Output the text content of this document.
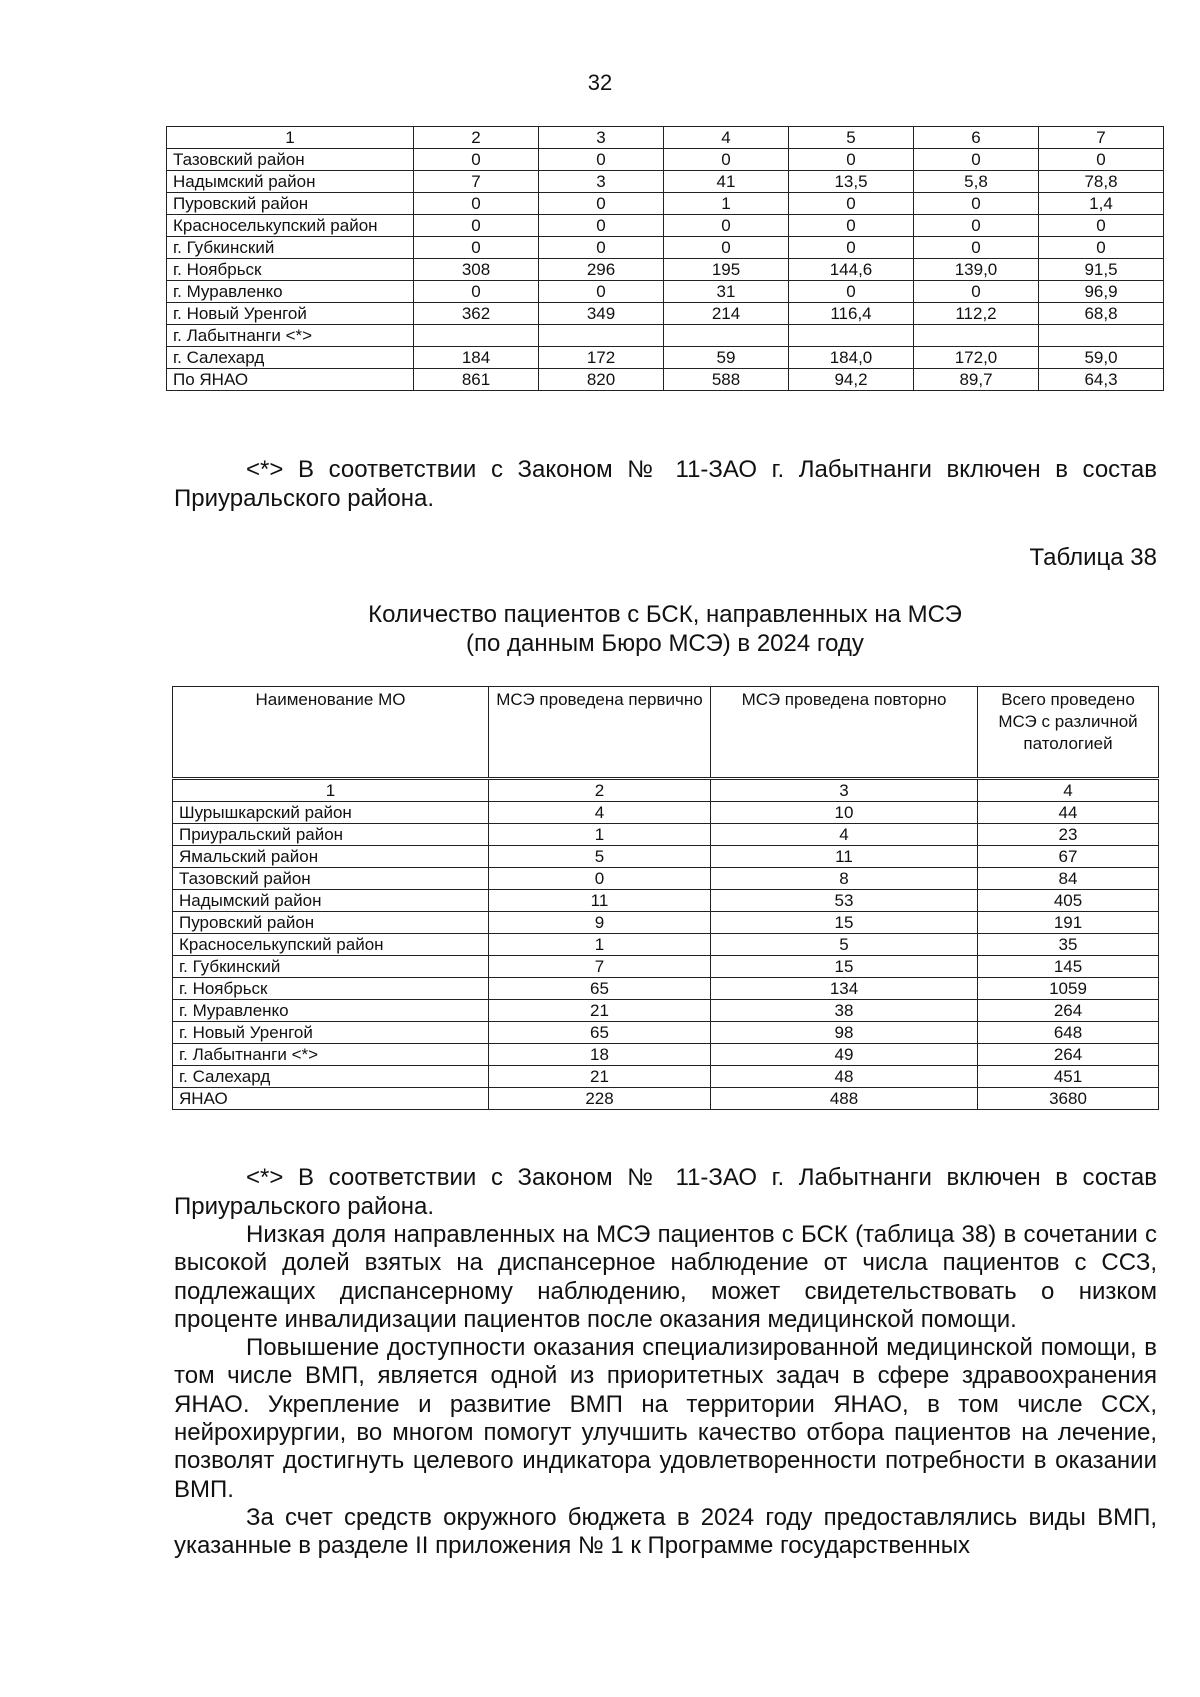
32
1	2	3	4	5	6	7
Тазовский район	0	0	0	0	0	0
Надымский район	7	3	41	13,5	5,8	78,8
Пуровский район	0	0	1	0	0	1,4
Красноселькупский район	0	0	0	0	0	0
г. Губкинский	0	0	0	0	0	0
г. Ноябрьск	308	296	195	144,6	139,0	91,5
г. Муравленко	0	0	31	0	0	96,9
г. Новый Уренгой	362	349	214	116,4	112,2	68,8
г. Лабытнанги <*>						
г. Салехард	184	172	59	184,0	172,0	59,0
По ЯНАО	861	820	588	94,2	89,7	64,3
<*> В соответствии с Законом № 11-ЗАО г. Лабытнанги включен в состав Приуральского района.
Таблица 38
Количество пациентов с БСК, направленных на МСЭ
(по данным Бюро МСЭ) в 2024 году
Наименование МО	МСЭ проведена первично	МСЭ проведена повторно	Всего проведено МСЭ с различной патологией
1	2	3	4
Шурышкарский район	4	10	44
Приуральский район	1	4	23
Ямальский район	5	11	67
Тазовский район	0	8	84
Надымский район	11	53	405
Пуровский район	9	15	191
Красноселькупский район	1	5	35
г. Губкинский	7	15	145
г. Ноябрьск	65	134	1059
г. Муравленко	21	38	264
г. Новый Уренгой	65	98	648
г. Лабытнанги <*>	18	49	264
г. Салехард	21	48	451
ЯНАО	228	488	3680
<*> В соответствии с Законом № 11-ЗАО г. Лабытнанги включен в состав Приуральского района.

Низкая доля направленных на МСЭ пациентов с БСК (таблица 38) в сочетании с высокой долей взятых на диспансерное наблюдение от числа пациентов с ССЗ, подлежащих диспансерному наблюдению, может свидетельствовать о низком проценте инвалидизации пациентов после оказания медицинской помощи.

Повышение доступности оказания специализированной медицинской помощи, в том числе ВМП, является одной из приоритетных задач в сфере здравоохранения ЯНАО. Укрепление и развитие ВМП на территории ЯНАО, в том числе ССХ, нейрохирургии, во многом помогут улучшить качество отбора пациентов на лечение, позволят достигнуть целевого индикатора удовлетворенности потребности в оказании ВМП.

За счет средств окружного бюджета в 2024 году предоставлялись виды ВМП, указанные в разделе II приложения № 1 к Программе государственных
